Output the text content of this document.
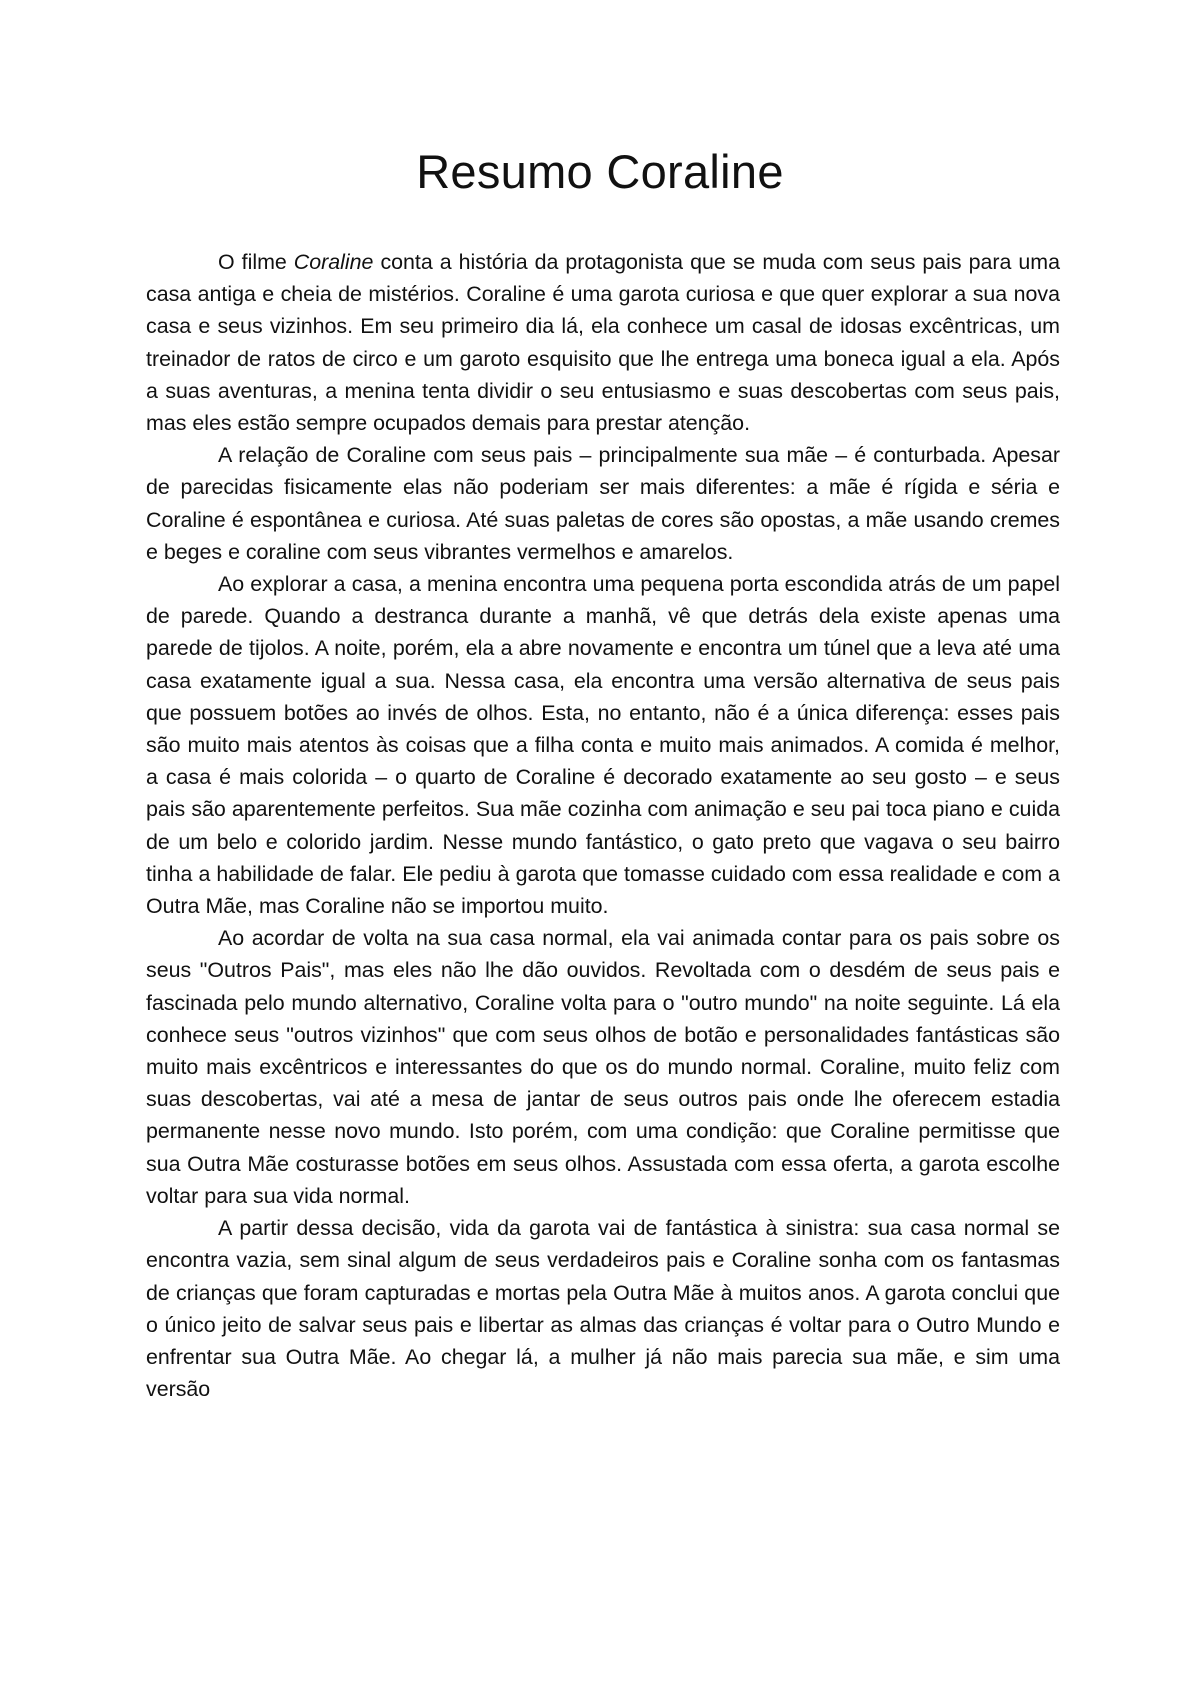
Resumo Coraline

O filme Coraline conta a história da protagonista que se muda com seus pais para uma casa antiga e cheia de mistérios. Coraline é uma garota curiosa e que quer explorar a sua nova casa e seus vizinhos. Em seu primeiro dia lá, ela conhece um casal de idosas excêntricas, um treinador de ratos de circo e um garoto esquisito que lhe entrega uma boneca igual a ela. Após a suas aventuras, a menina tenta dividir o seu entusiasmo e suas descobertas com seus pais, mas eles estão sempre ocupados demais para prestar atenção.

A relação de Coraline com seus pais – principalmente sua mãe – é conturbada. Apesar de parecidas fisicamente elas não poderiam ser mais diferentes: a mãe é rígida e séria e Coraline é espontânea e curiosa. Até suas paletas de cores são opostas, a mãe usando cremes e beges e coraline com seus vibrantes vermelhos e amarelos.

Ao explorar a casa, a menina encontra uma pequena porta escondida atrás de um papel de parede. Quando a destranca durante a manhã, vê que detrás dela existe apenas uma parede de tijolos. A noite, porém, ela a abre novamente e encontra um túnel que a leva até uma casa exatamente igual a sua. Nessa casa, ela encontra uma versão alternativa de seus pais que possuem botões ao invés de olhos. Esta, no entanto, não é a única diferença: esses pais são muito mais atentos às coisas que a filha conta e muito mais animados. A comida é melhor, a casa é mais colorida – o quarto de Coraline é decorado exatamente ao seu gosto – e seus pais são aparentemente perfeitos. Sua mãe cozinha com animação e seu pai toca piano e cuida de um belo e colorido jardim. Nesse mundo fantástico, o gato preto que vagava o seu bairro tinha a habilidade de falar. Ele pediu à garota que tomasse cuidado com essa realidade e com a Outra Mãe, mas Coraline não se importou muito.

Ao acordar de volta na sua casa normal, ela vai animada contar para os pais sobre os seus "Outros Pais", mas eles não lhe dão ouvidos. Revoltada com o desdém de seus pais e fascinada pelo mundo alternativo, Coraline volta para o "outro mundo" na noite seguinte. Lá ela conhece seus "outros vizinhos" que com seus olhos de botão e personalidades fantásticas são muito mais excêntricos e interessantes do que os do mundo normal. Coraline, muito feliz com suas descobertas, vai até a mesa de jantar de seus outros pais onde lhe oferecem estadia permanente nesse novo mundo. Isto porém, com uma condição: que Coraline permitisse que sua Outra Mãe costurasse botões em seus olhos. Assustada com essa oferta, a garota escolhe voltar para sua vida normal.

A partir dessa decisão, vida da garota vai de fantástica à sinistra: sua casa normal se encontra vazia, sem sinal algum de seus verdadeiros pais e Coraline sonha com os fantasmas de crianças que foram capturadas e mortas pela Outra Mãe à muitos anos. A garota conclui que o único jeito de salvar seus pais e libertar as almas das crianças é voltar para o Outro Mundo e enfrentar sua Outra Mãe. Ao chegar lá, a mulher já não mais parecia sua mãe, e sim uma versão
